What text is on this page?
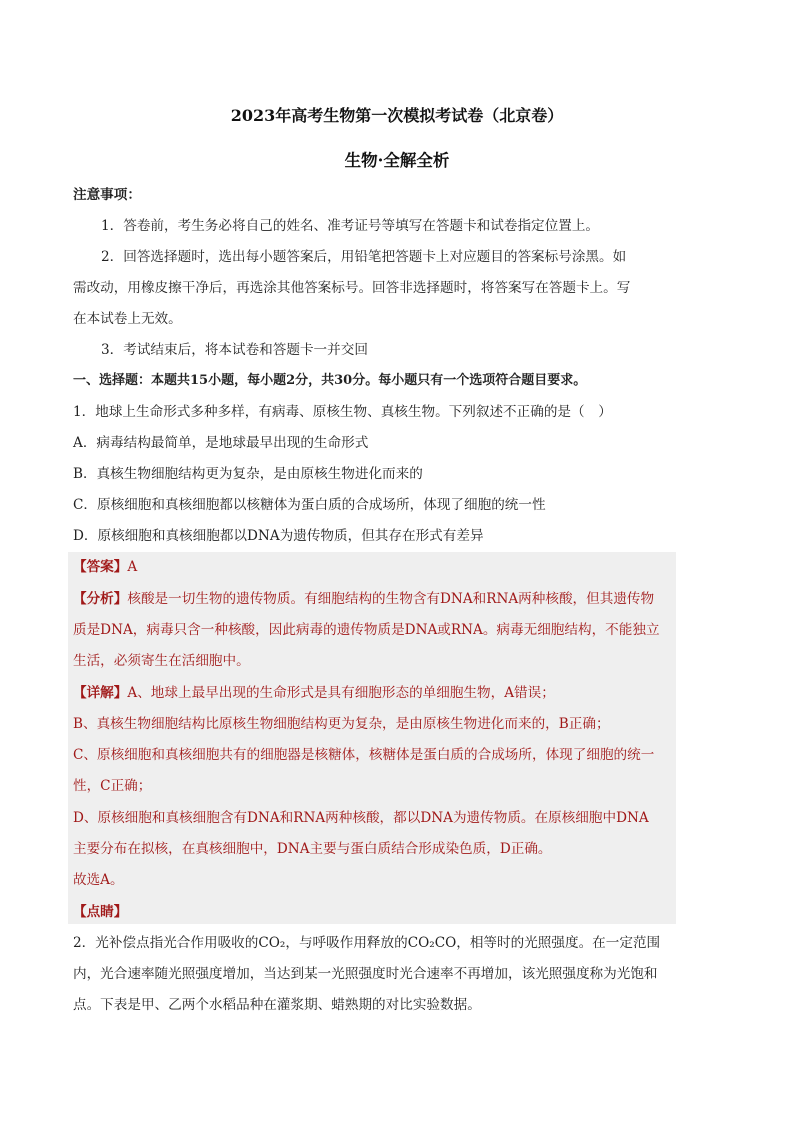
2023年高考生物第一次模拟考试卷（北京卷）
生物·全解全析
注意事项：
1．答卷前，考生务必将自己的姓名、准考证号等填写在答题卡和试卷指定位置上。
2．回答选择题时，选出每小题答案后，用铅笔把答题卡上对应题目的答案标号涂黑。如
需改动，用橡皮擦干净后，再选涂其他答案标号。回答非选择题时，将答案写在答题卡上。写
在本试卷上无效。
3．考试结束后，将本试卷和答题卡一并交回
一、选择题：本题共15小题，每小题2分，共30分。每小题只有一个选项符合题目要求。
1．地球上生命形式多种多样，有病毒、原核生物、真核生物。下列叙述不正确的是（　）
A．病毒结构最简单，是地球最早出现的生命形式
B．真核生物细胞结构更为复杂，是由原核生物进化而来的
C．原核细胞和真核细胞都以核糖体为蛋白质的合成场所，体现了细胞的统一性
D．原核细胞和真核细胞都以DNA为遗传物质，但其存在形式有差异
【答案】A
【分析】核酸是一切生物的遗传物质。有细胞结构的生物含有DNA和RNA两种核酸，但其遗传物
质是DNA，病毒只含一种核酸，因此病毒的遗传物质是DNA或RNA。病毒无细胞结构，不能独立
生活，必须寄生在活细胞中。
【详解】A、地球上最早出现的生命形式是具有细胞形态的单细胞生物，A错误；
B、真核生物细胞结构比原核生物细胞结构更为复杂，是由原核生物进化而来的，B正确；
C、原核细胞和真核细胞共有的细胞器是核糖体，核糖体是蛋白质的合成场所，体现了细胞的统一
性，C正确；
D、原核细胞和真核细胞含有DNA和RNA两种核酸，都以DNA为遗传物质。在原核细胞中DNA
主要分布在拟核，在真核细胞中，DNA主要与蛋白质结合形成染色质，D正确。
故选A。
【点睛】
2．光补偿点指光合作用吸收的CO₂，与呼吸作用释放的CO₂CO，相等时的光照强度。在一定范围
内，光合速率随光照强度增加，当达到某一光照强度时光合速率不再增加，该光照强度称为光饱和
点。下表是甲、乙两个水稻品种在灌浆期、蜡熟期的对比实验数据。
